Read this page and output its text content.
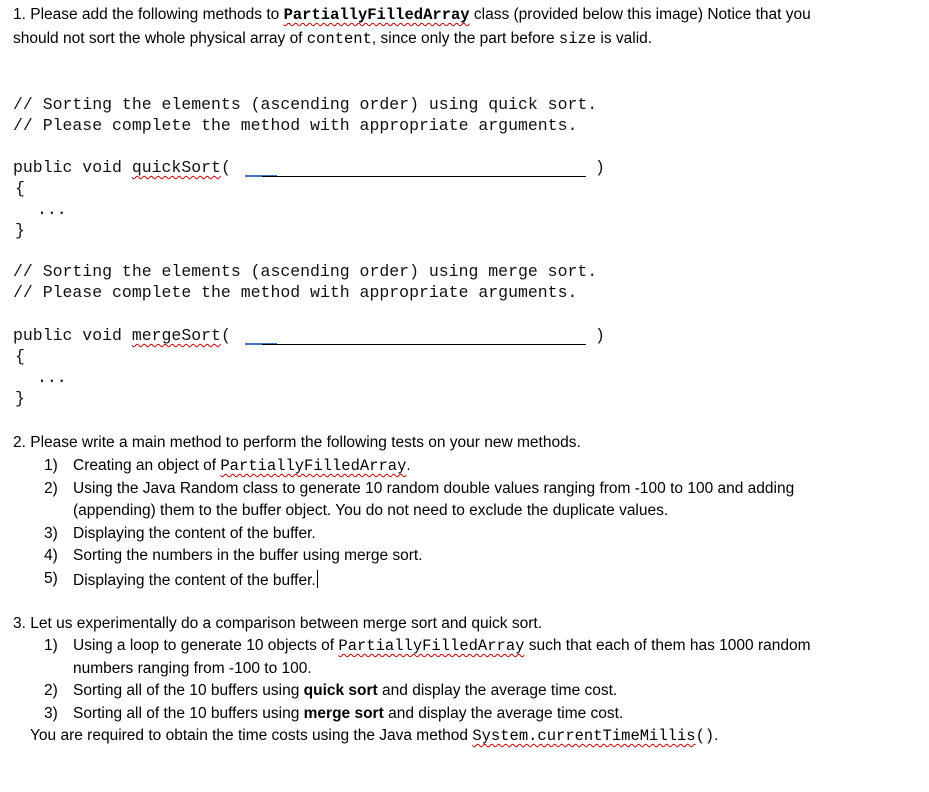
1. Please add the following methods to PartiallyFilledArray class (provided below this image) Notice that you
should not sort the whole physical array of content, since only the part before size is valid.
// Sorting the elements (ascending order) using quick sort.
// Please complete the method with appropriate arguments.
public void quickSort(	)
{
...
}
// Sorting the elements (ascending order) using merge sort.
// Please complete the method with appropriate arguments.
public void mergeSort(	)
{
...
}
2. Please write a main method to perform the following tests on your new methods.
1) Creating an object of PartiallyFilledArray.
2) Using the Java Random class to generate 10 random double values ranging from -100 to 100 and adding
(appending) them to the buffer object. You do not need to exclude the duplicate values.
3) Displaying the content of the buffer.
4) Sorting the numbers in the buffer using merge sort.
5) Displaying the content of the buffer.
3. Let us experimentally do a comparison between merge sort and quick sort.
1) Using a loop to generate 10 objects of PartiallyFilledArray such that each of them has 1000 random
numbers ranging from -100 to 100.
2) Sorting all of the 10 buffers using quick sort and display the average time cost.
3) Sorting all of the 10 buffers using merge sort and display the average time cost.
You are required to obtain the time costs using the Java method System.currentTimeMillis().
